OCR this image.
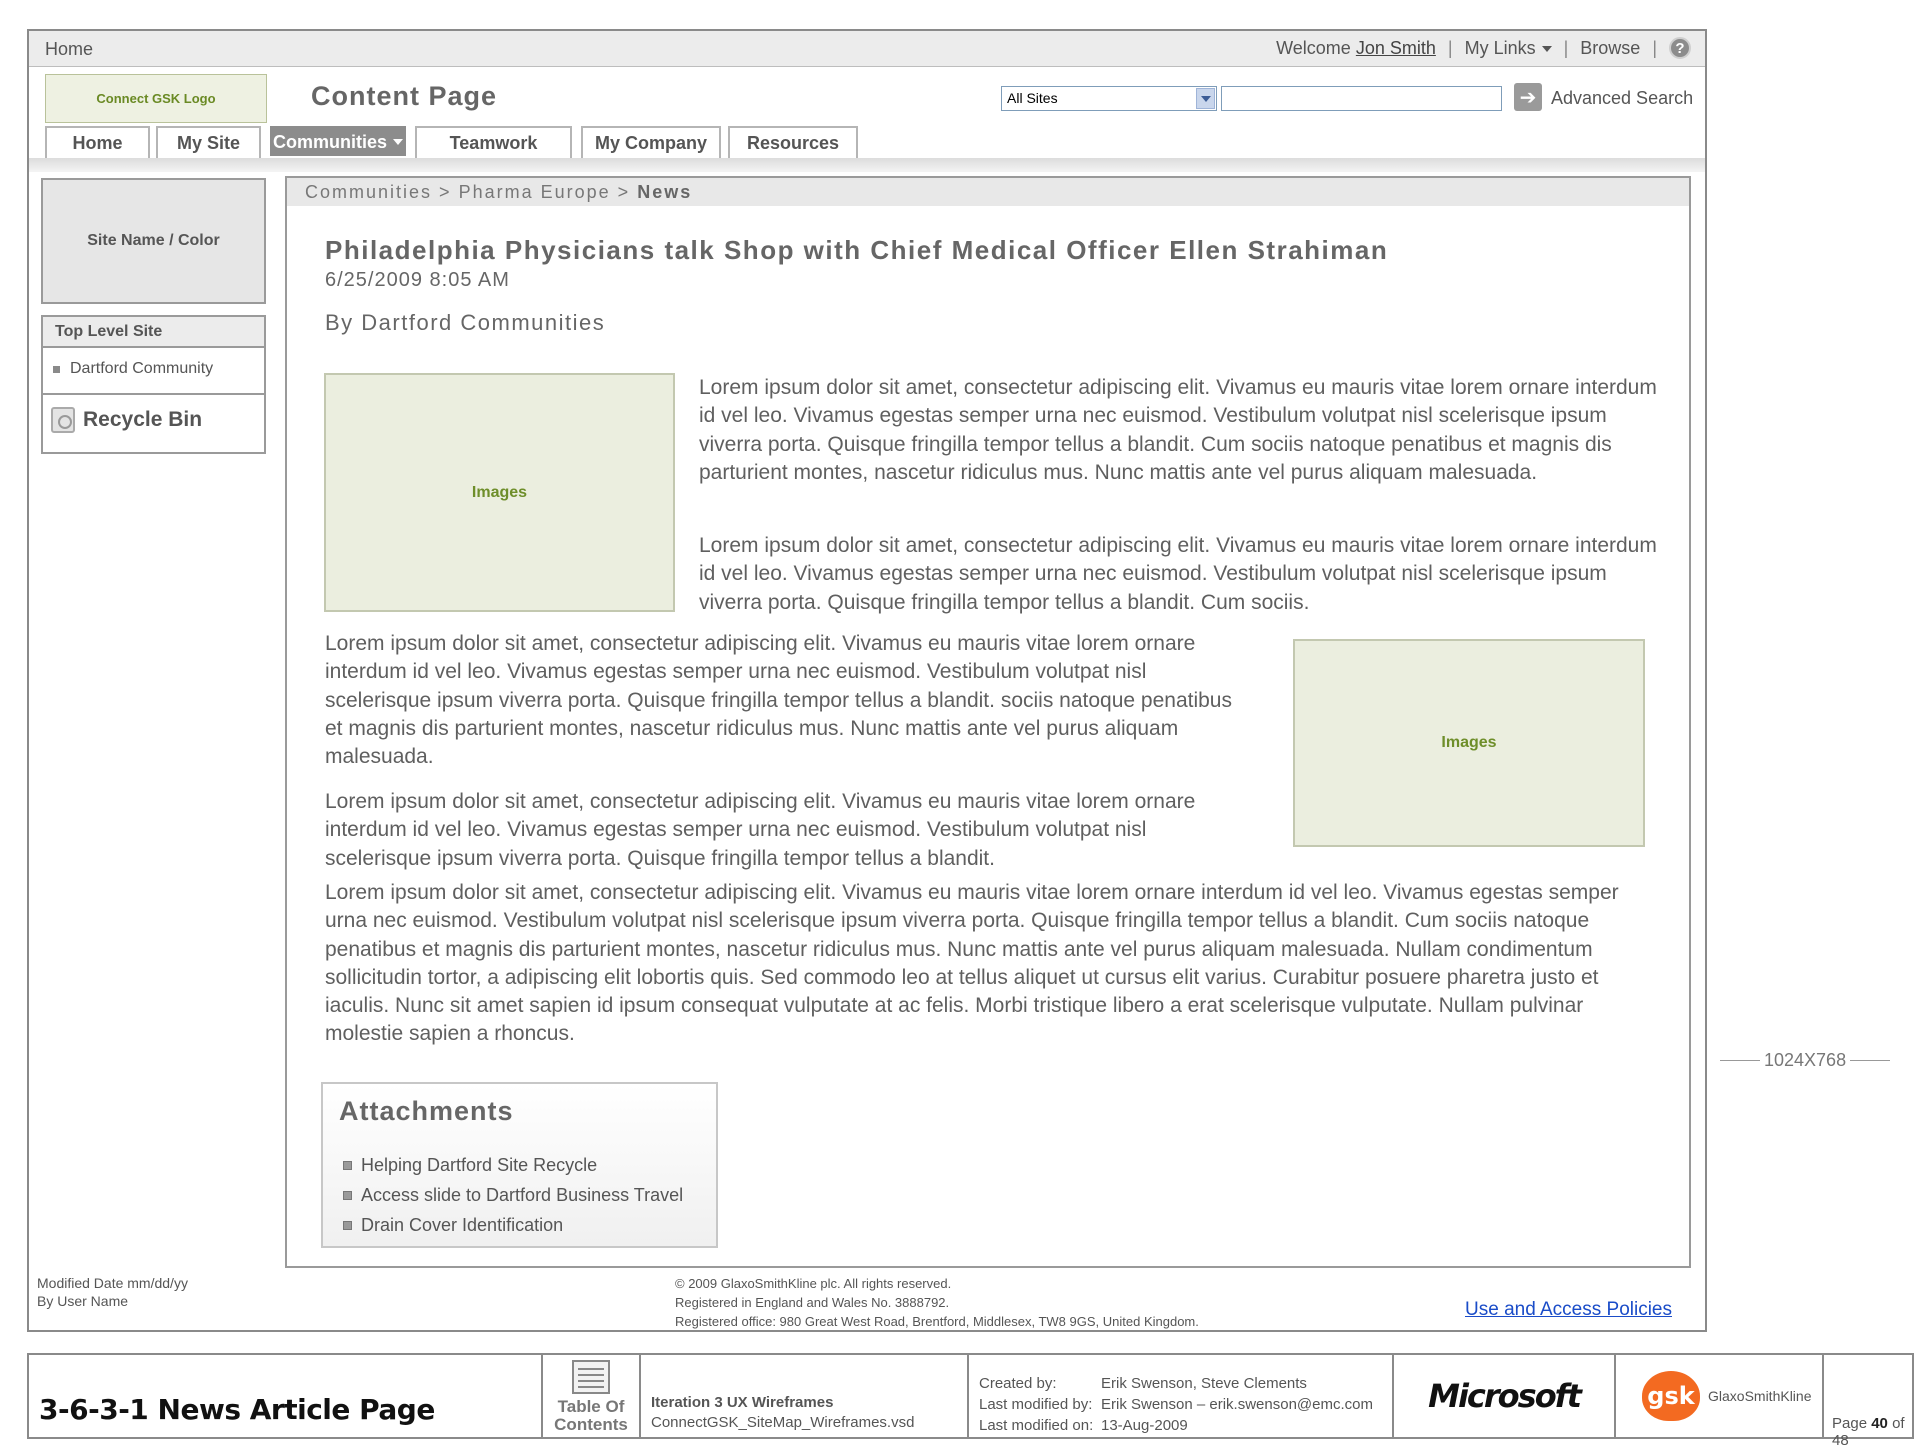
Home	Welcome Jon Smith | My Links	| Browse |	?
Connect GSK Logo	Content Page	All Sites	➔ Advanced Search
Home	My Site Communities	Teamwork	My Company Resources
Site Name / Color
Top Level Site
Dartford Community
Recycle Bin
Communities > Pharma Europe > News
Philadelphia Physicians talk Shop with Chief Medical Officer Ellen Strahiman
6/25/2009 8:05 AM
By Dartford Communities
Images
Lorem ipsum dolor sit amet, consectetur adipiscing elit. Vivamus eu mauris vitae lorem ornare interdum id vel leo. Vivamus egestas semper urna nec euismod. Vestibulum volutpat nisl scelerisque ipsum viverra porta. Quisque fringilla tempor tellus a blandit. Cum sociis natoque penatibus et magnis dis parturient montes, nascetur ridiculus mus. Nunc mattis ante vel purus aliquam malesuada.
Lorem ipsum dolor sit amet, consectetur adipiscing elit. Vivamus eu mauris vitae lorem ornare interdum id vel leo. Vivamus egestas semper urna nec euismod. Vestibulum volutpat nisl scelerisque ipsum viverra porta. Quisque fringilla tempor tellus a blandit. Cum sociis.
Lorem ipsum dolor sit amet, consectetur adipiscing elit. Vivamus eu mauris vitae lorem ornare interdum id vel leo. Vivamus egestas semper urna nec euismod. Vestibulum volutpat nisl scelerisque ipsum viverra porta. Quisque fringilla tempor tellus a blandit. sociis natoque penatibus et magnis dis parturient montes, nascetur ridiculus mus. Nunc mattis ante vel purus aliquam malesuada.
Images
Lorem ipsum dolor sit amet, consectetur adipiscing elit. Vivamus eu mauris vitae lorem ornare interdum id vel leo. Vivamus egestas semper urna nec euismod. Vestibulum volutpat nisl scelerisque ipsum viverra porta. Quisque fringilla tempor tellus a blandit.
Lorem ipsum dolor sit amet, consectetur adipiscing elit. Vivamus eu mauris vitae lorem ornare interdum id vel leo. Vivamus egestas semper urna nec euismod. Vestibulum volutpat nisl scelerisque ipsum viverra porta. Quisque fringilla tempor tellus a blandit. Cum sociis natoque penatibus et magnis dis parturient montes, nascetur ridiculus mus. Nunc mattis ante vel purus aliquam malesuada. Nullam condimentum sollicitudin tortor, a adipiscing elit lobortis quis. Sed commodo leo at tellus aliquet ut cursus elit varius. Curabitur posuere pharetra justo et iaculis. Nunc sit amet sapien id ipsum consequat vulputate at ac felis. Morbi tristique libero a erat scelerisque vulputate. Nullam pulvinar molestie sapien a rhoncus.
Attachments
Helping Dartford Site Recycle
Access slide to Dartford Business Travel
Drain Cover Identification
Modified Date mm/dd/yy
By User Name
© 2009 GlaxoSmithKline plc. All rights reserved.
Registered in England and Wales No. 3888792.
Registered office: 980 Great West Road, Brentford, Middlesex, TW8 9GS, United Kingdom.
Use and Access Policies
1024X768
3-6-3-1 News Article Page	Table Of Contents
Iteration 3 UX Wireframes
ConnectGSK_SiteMap_Wireframes.vsd
Created by:	Erik Swenson, Steve Clements
Last modified by: Erik Swenson – erik.swenson@emc.com
Last modified on: 13-Aug-2009
Microsoft	gsk GlaxoSmithKline
Page 40 of 48
